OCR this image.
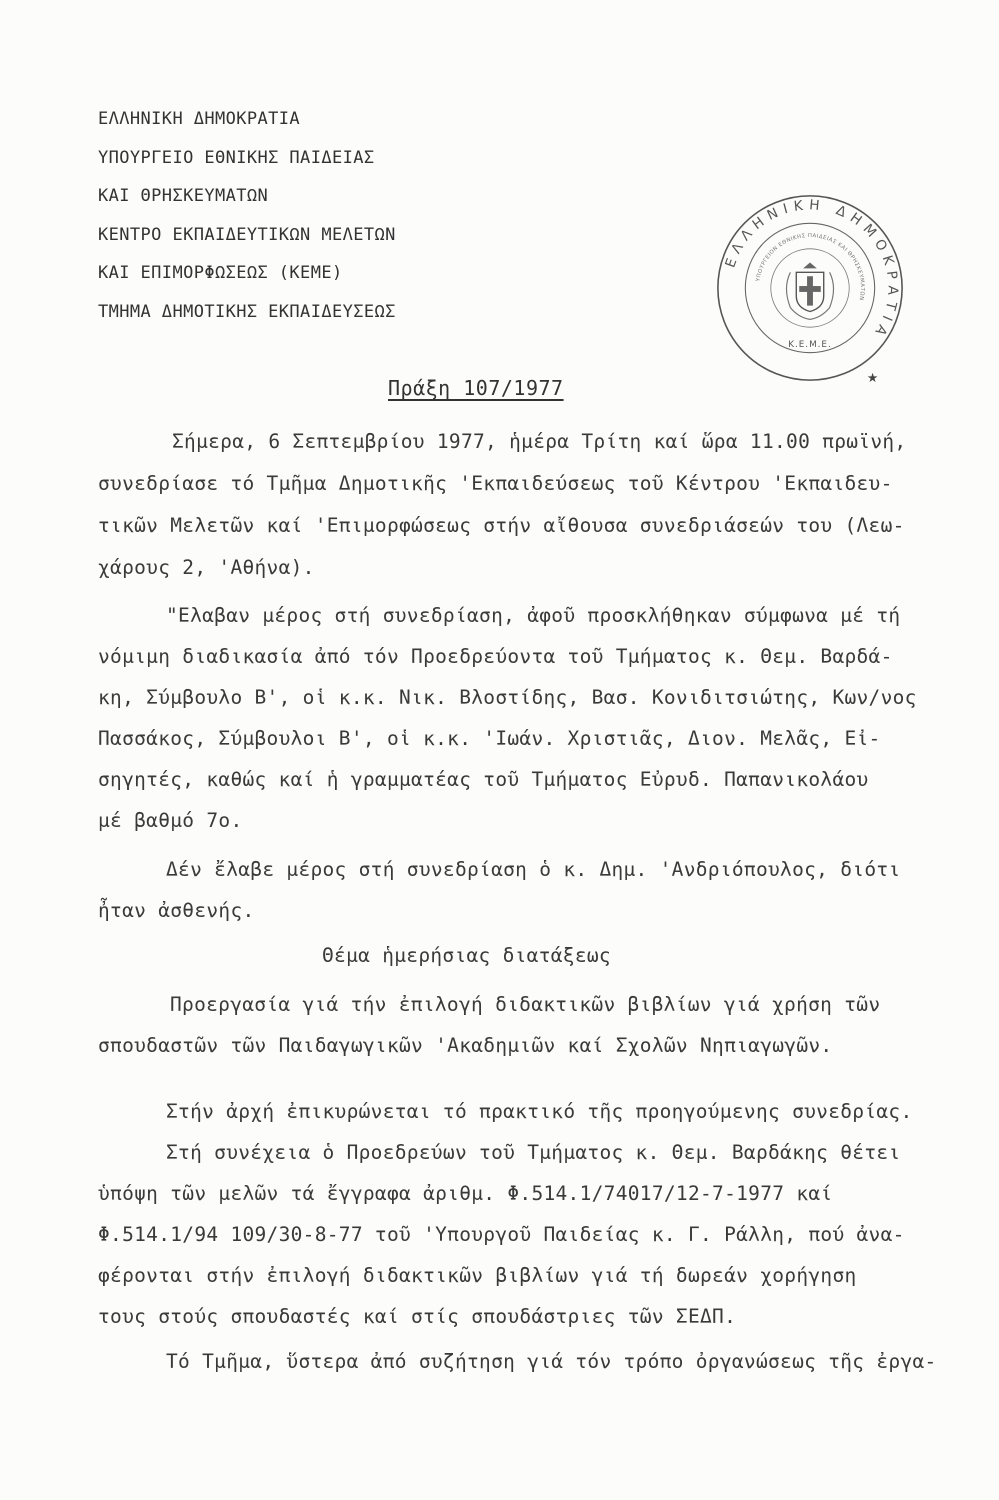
ΕΛΛΗΝΙΚΗ ΔΗΜΟΚΡΑΤΙΑ
ΥΠΟΥΡΓΕΙΟ ΕΘΝΙΚΗΣ ΠΑΙΔΕΙΑΣ
ΚΑΙ ΘΡΗΣΚΕΥΜΑΤΩΝ
ΚΕΝΤΡΟ ΕΚΠΑΙΔΕΥΤΙΚΩΝ ΜΕΛΕΤΩΝ
ΚΑΙ ΕΠΙΜΟΡΦΩΣΕΩΣ (ΚΕΜΕ)
ΤΜΗΜΑ ΔΗΜΟΤΙΚΗΣ ΕΚΠΑΙΔΕΥΣΕΩΣ
ΕΛΛΗΝΙΚΗ ΔΗΜΟΚΡΑΤΙΑ
ΥΠΟΥΡΓΕΙΟΝ ΕΘΝΙΚΗΣ ΠΑΙΔΕΙΑΣ ΚΑΙ ΘΡΗΣΚΕΥΜΑΤΩΝ
Κ.Ε.Μ.Ε.
★
Πράξη 107/1977
Σήμερα, 6 Σεπτεμβρίου 1977, ἡμέρα Τρίτη καί ὥρα 11.00 πρωϊνή,
συνεδρίασε τό Τμῆμα Δημοτικῆς 'Εκπαιδεύσεως τοῦ Κέντρου 'Εκπαιδευ-
τικῶν Μελετῶν καί 'Επιμορφώσεως στήν αἴθουσα συνεδριάσεών του (Λεω-
χάρους 2, 'Αθήνα).
"Ελαβαν μέρος στή συνεδρίαση, ἀφοῦ προσκλήθηκαν σύμφωνα μέ τή
νόμιμη διαδικασία ἀπό τόν Προεδρεύοντα τοῦ Τμήματος κ. Θεμ. Βαρδά-
κη, Σύμβουλο Β', οἱ κ.κ. Νικ. Βλοστίδης, Βασ. Κονιδιτσιώτης, Κων/νος
Πασσάκος, Σύμβουλοι Β', οἱ κ.κ. 'Ιωάν. Χριστιᾶς, Διον. Μελᾶς, Εἰ-
σηγητές, καθώς καί ἡ γραμματέας τοῦ Τμήματος Εὐρυδ. Παπανικολάου
μέ βαθμό 7ο.
Δέν ἔλαβε μέρος στή συνεδρίαση ὁ κ. Δημ. 'Ανδριόπουλος, διότι
ἦταν ἀσθενής.
Θέμα ἡμερήσιας διατάξεως
Προεργασία γιά τήν ἐπιλογή διδακτικῶν βιβλίων γιά χρήση τῶν
σπουδαστῶν τῶν Παιδαγωγικῶν 'Ακαδημιῶν καί Σχολῶν Νηπιαγωγῶν.
Στήν ἀρχή ἐπικυρώνεται τό πρακτικό τῆς προηγούμενης συνεδρίας.
Στή συνέχεια ὁ Προεδρεύων τοῦ Τμήματος κ. Θεμ. Βαρδάκης θέτει
ὑπόψη τῶν μελῶν τά ἔγγραφα ἀριθμ. Φ.514.1/74017/12-7-1977 καί
Φ.514.1/94 109/30-8-77 τοῦ 'Υπουργοῦ Παιδείας κ. Γ. Ράλλη, πού ἀνα-
φέρονται στήν ἐπιλογή διδακτικῶν βιβλίων γιά τή δωρεάν χορήγηση
τους στούς σπουδαστές καί στίς σπουδάστριες τῶν ΣΕΔΠ.
Τό Τμῆμα, ὕστερα ἀπό συζήτηση γιά τόν τρόπο ὀργανώσεως τῆς ἐργα-
